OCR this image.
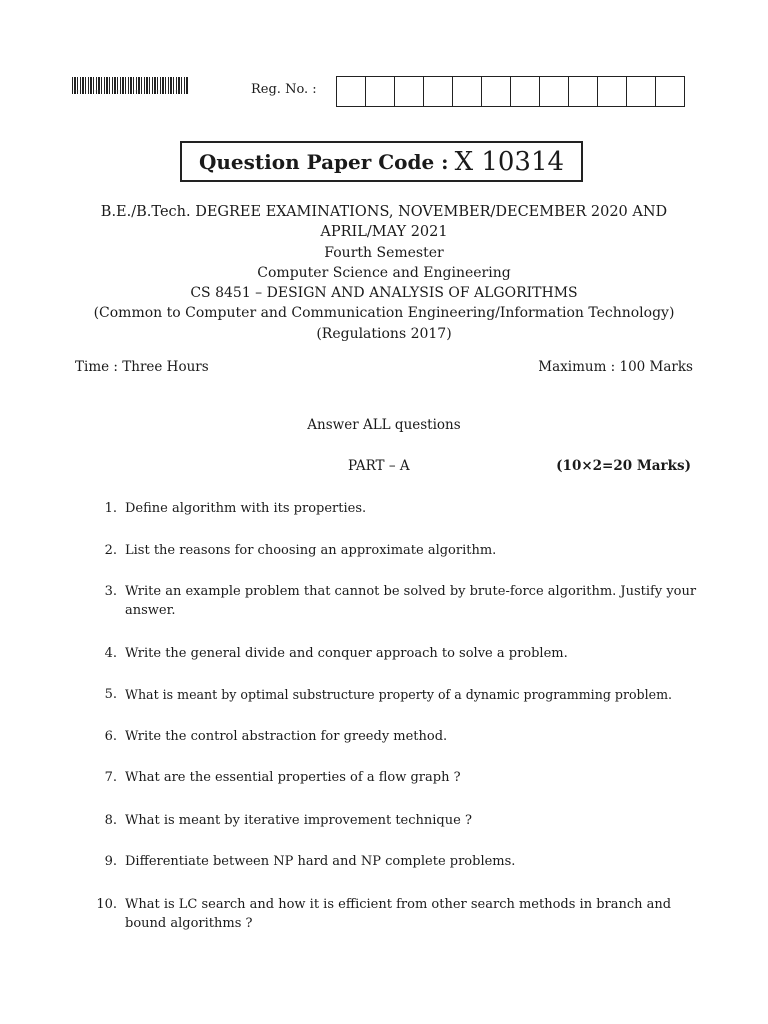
Reg. No. :
Question Paper Code : X 10314
B.E./B.Tech. DEGREE EXAMINATIONS, NOVEMBER/DECEMBER 2020 AND
APRIL/MAY 2021
Fourth Semester
Computer Science and Engineering
CS 8451 – DESIGN AND ANALYSIS OF ALGORITHMS
(Common to Computer and Communication Engineering/Information Technology)
(Regulations 2017)
Time : Three Hours	Maximum : 100 Marks
Answer ALL questions
PART – A	(10×2=20 Marks)
1. Define algorithm with its properties.
2. List the reasons for choosing an approximate algorithm.
3. Write an example problem that cannot be solved by brute-force algorithm. Justify your answer.
4. Write the general divide and conquer approach to solve a problem.
5. What is meant by optimal substructure property of a dynamic programming problem.
6. Write the control abstraction for greedy method.
7. What are the essential properties of a flow graph ?
8. What is meant by iterative improvement technique ?
9. Differentiate between NP hard and NP complete problems.
10. What is LC search and how it is efficient from other search methods in branch and bound algorithms ?
